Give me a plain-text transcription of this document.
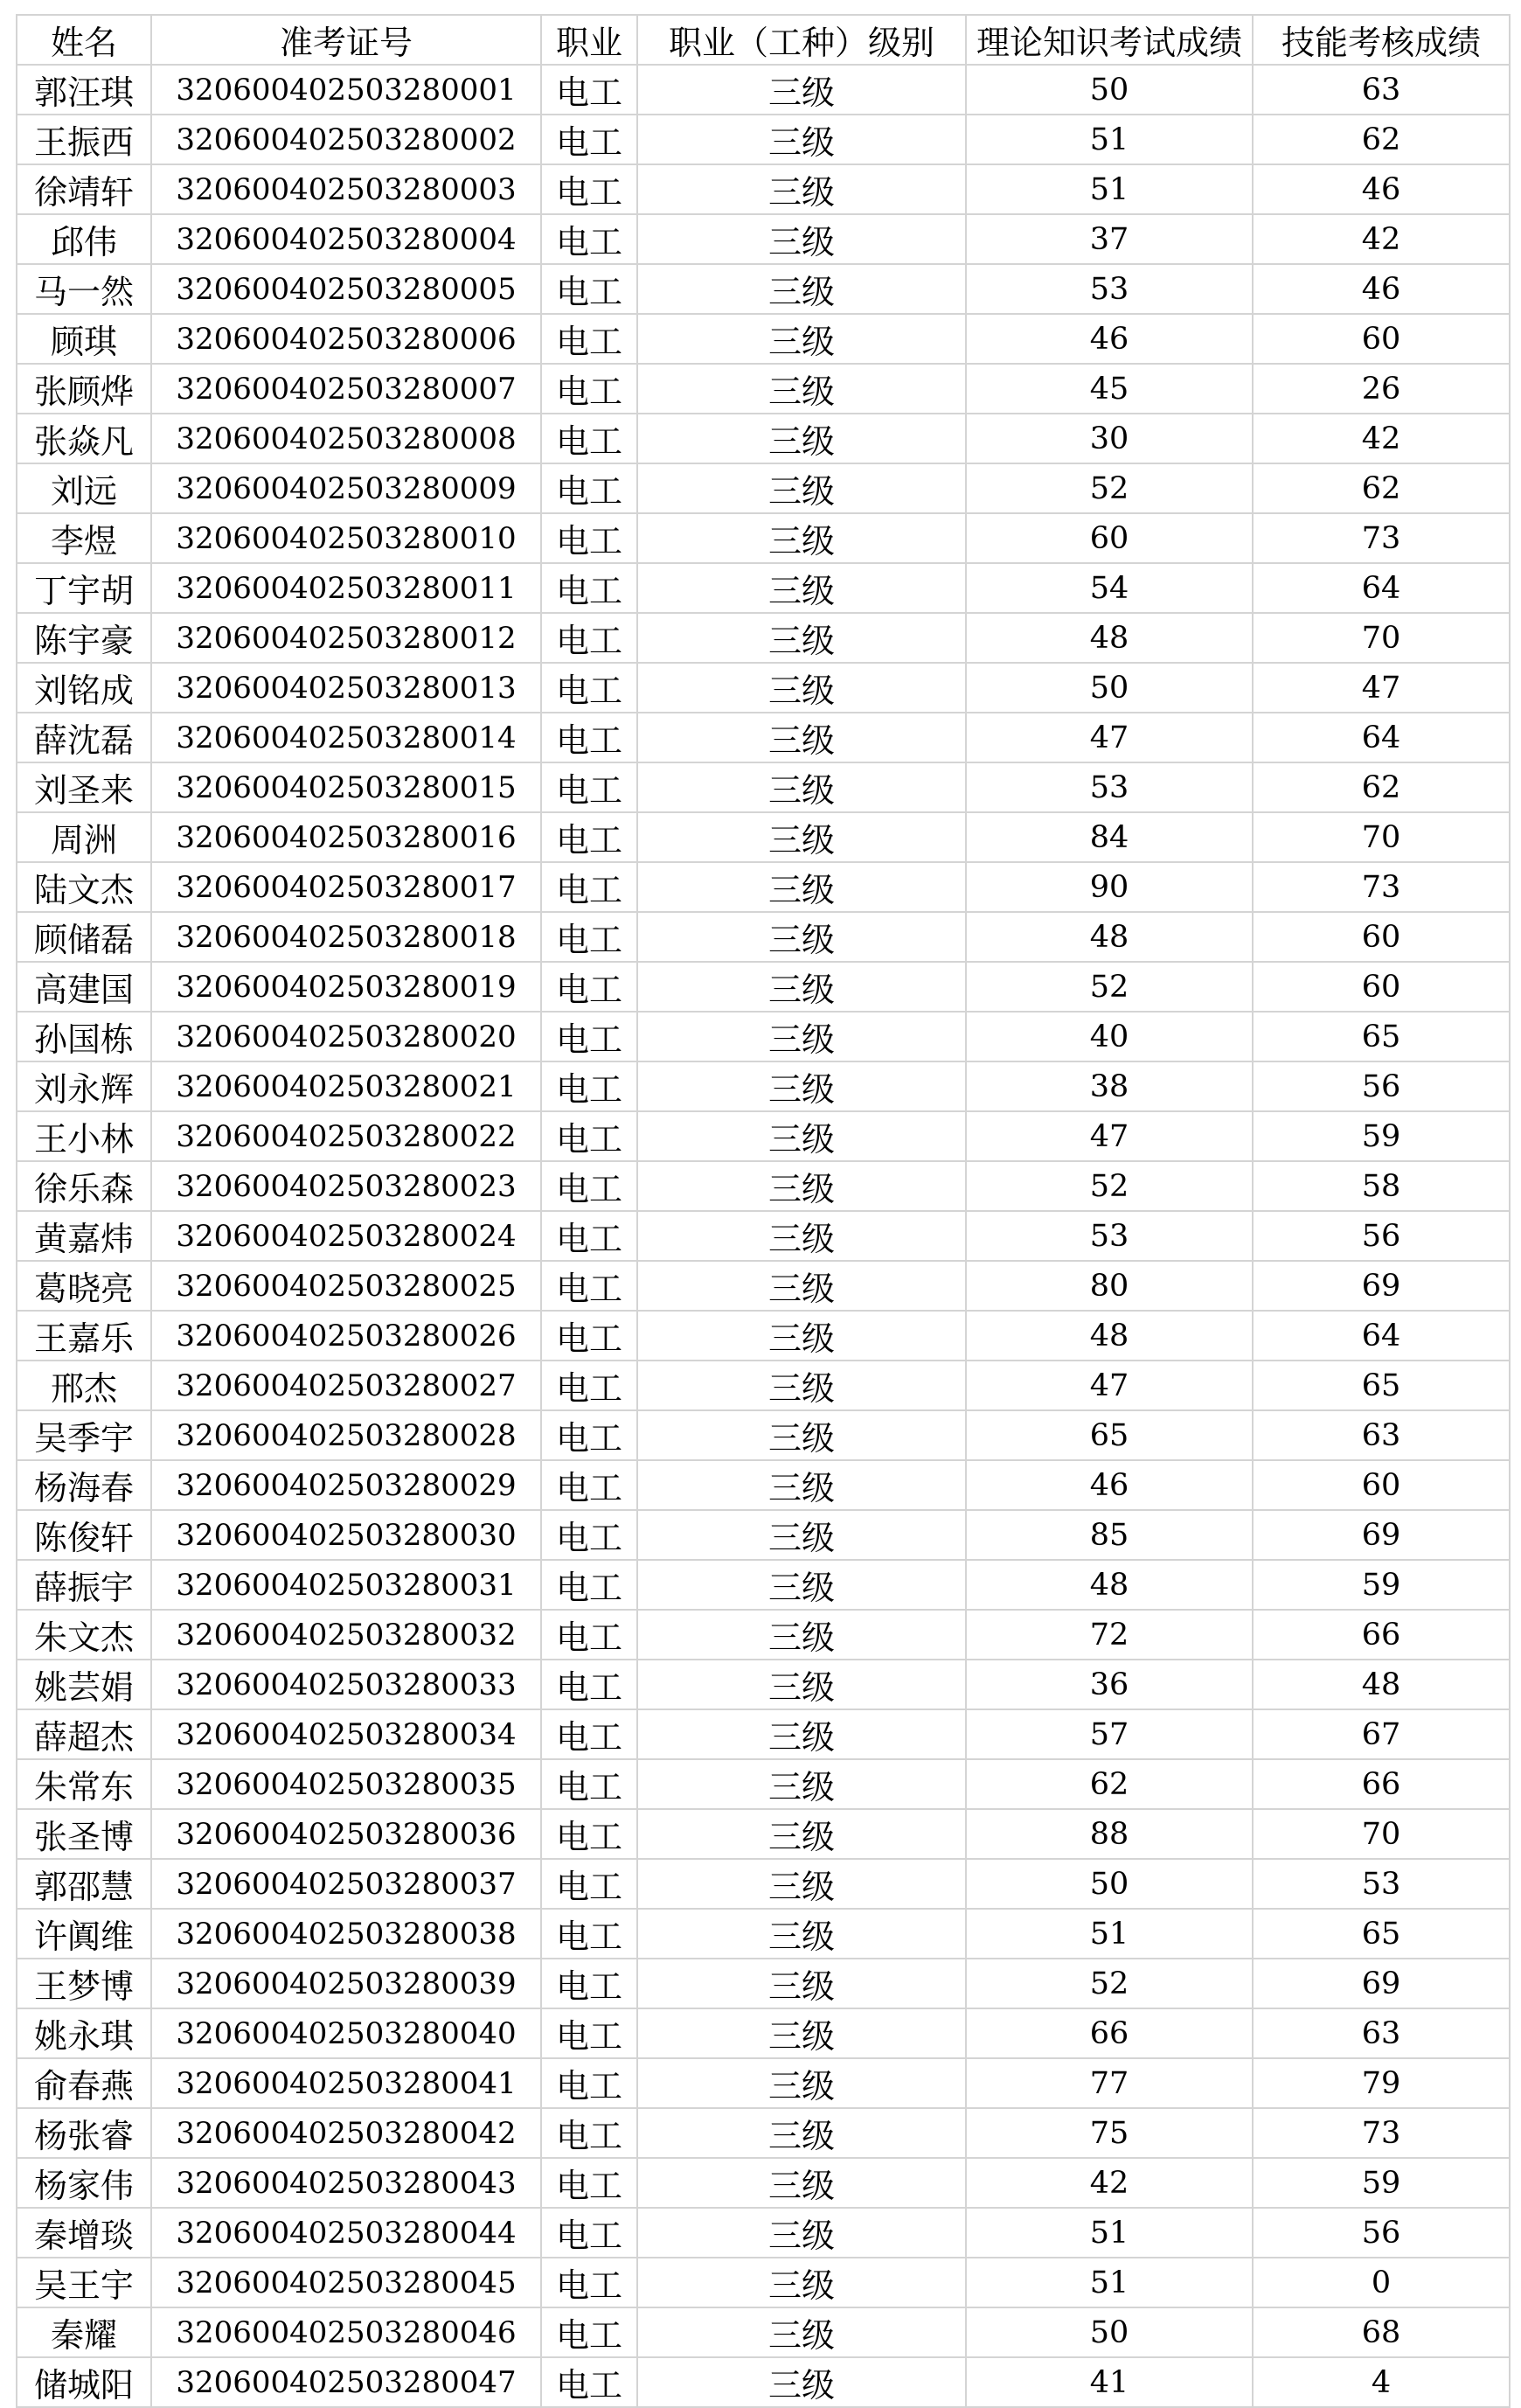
姓名	准考证号	职业	职业（工种）级别	理论知识考试成绩	技能考核成绩
郭汪琪	320600402503280001	电工	三级	50	63
王振西	320600402503280002	电工	三级	51	62
徐靖轩	320600402503280003	电工	三级	51	46
邱伟	320600402503280004	电工	三级	37	42
马一然	320600402503280005	电工	三级	53	46
顾琪	320600402503280006	电工	三级	46	60
张顾烨	320600402503280007	电工	三级	45	26
张焱凡	320600402503280008	电工	三级	30	42
刘远	320600402503280009	电工	三级	52	62
李煜	320600402503280010	电工	三级	60	73
丁宇胡	320600402503280011	电工	三级	54	64
陈宇豪	320600402503280012	电工	三级	48	70
刘铭成	320600402503280013	电工	三级	50	47
薛沈磊	320600402503280014	电工	三级	47	64
刘圣来	320600402503280015	电工	三级	53	62
周洲	320600402503280016	电工	三级	84	70
陆文杰	320600402503280017	电工	三级	90	73
顾储磊	320600402503280018	电工	三级	48	60
高建国	320600402503280019	电工	三级	52	60
孙国栋	320600402503280020	电工	三级	40	65
刘永辉	320600402503280021	电工	三级	38	56
王小林	320600402503280022	电工	三级	47	59
徐乐森	320600402503280023	电工	三级	52	58
黄嘉炜	320600402503280024	电工	三级	53	56
葛晓亮	320600402503280025	电工	三级	80	69
王嘉乐	320600402503280026	电工	三级	48	64
邢杰	320600402503280027	电工	三级	47	65
吴季宇	320600402503280028	电工	三级	65	63
杨海春	320600402503280029	电工	三级	46	60
陈俊轩	320600402503280030	电工	三级	85	69
薛振宇	320600402503280031	电工	三级	48	59
朱文杰	320600402503280032	电工	三级	72	66
姚芸娟	320600402503280033	电工	三级	36	48
薛超杰	320600402503280034	电工	三级	57	67
朱常东	320600402503280035	电工	三级	62	66
张圣博	320600402503280036	电工	三级	88	70
郭邵慧	320600402503280037	电工	三级	50	53
许阗维	320600402503280038	电工	三级	51	65
王梦博	320600402503280039	电工	三级	52	69
姚永琪	320600402503280040	电工	三级	66	63
俞春燕	320600402503280041	电工	三级	77	79
杨张睿	320600402503280042	电工	三级	75	73
杨家伟	320600402503280043	电工	三级	42	59
秦增琰	320600402503280044	电工	三级	51	56
吴王宇	320600402503280045	电工	三级	51	0
秦耀	320600402503280046	电工	三级	50	68
储城阳	320600402503280047	电工	三级	41	4
